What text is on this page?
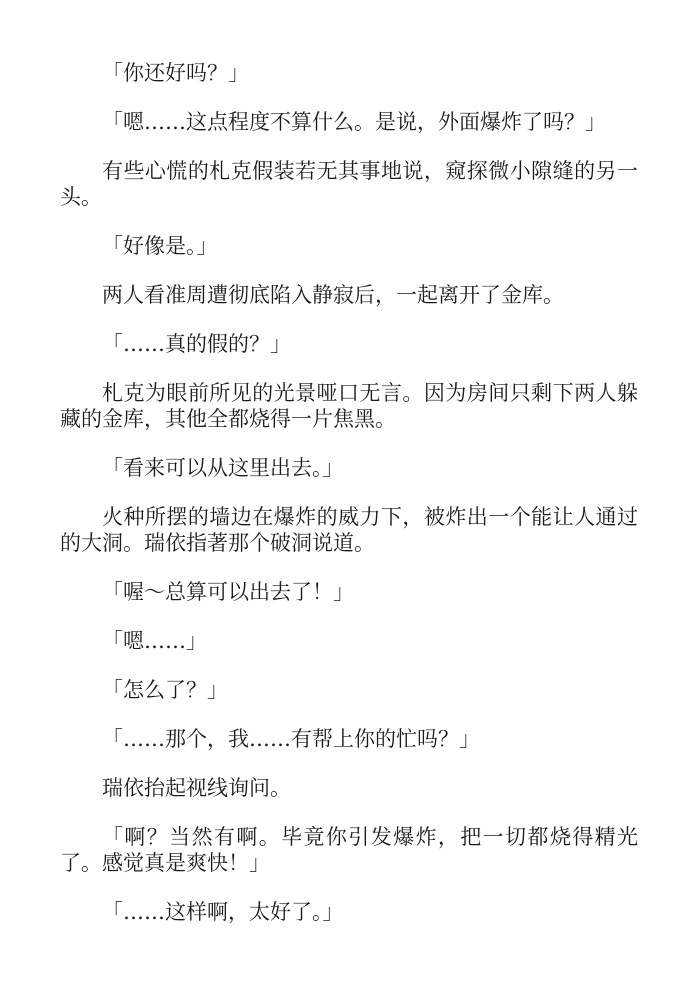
「你还好吗？」

「嗯……这点程度不算什么。是说，外面爆炸了吗？」

有些心慌的札克假装若无其事地说，窥探微小隙缝的另一头。

「好像是。」

两人看准周遭彻底陷入静寂后，一起离开了金库。

「……真的假的？」

札克为眼前所见的光景哑口无言。因为房间只剩下两人躲藏的金库，其他全都烧得一片焦黑。

「看来可以从这里出去。」

火种所摆的墙边在爆炸的威力下，被炸出一个能让人通过的大洞。瑞依指著那个破洞说道。

「喔～总算可以出去了！」

「嗯……」

「怎么了？」

「……那个，我……有帮上你的忙吗？」

瑞依抬起视线询问。

「啊？当然有啊。毕竟你引发爆炸，把一切都烧得精光了。感觉真是爽快！」

「……这样啊，太好了。」
